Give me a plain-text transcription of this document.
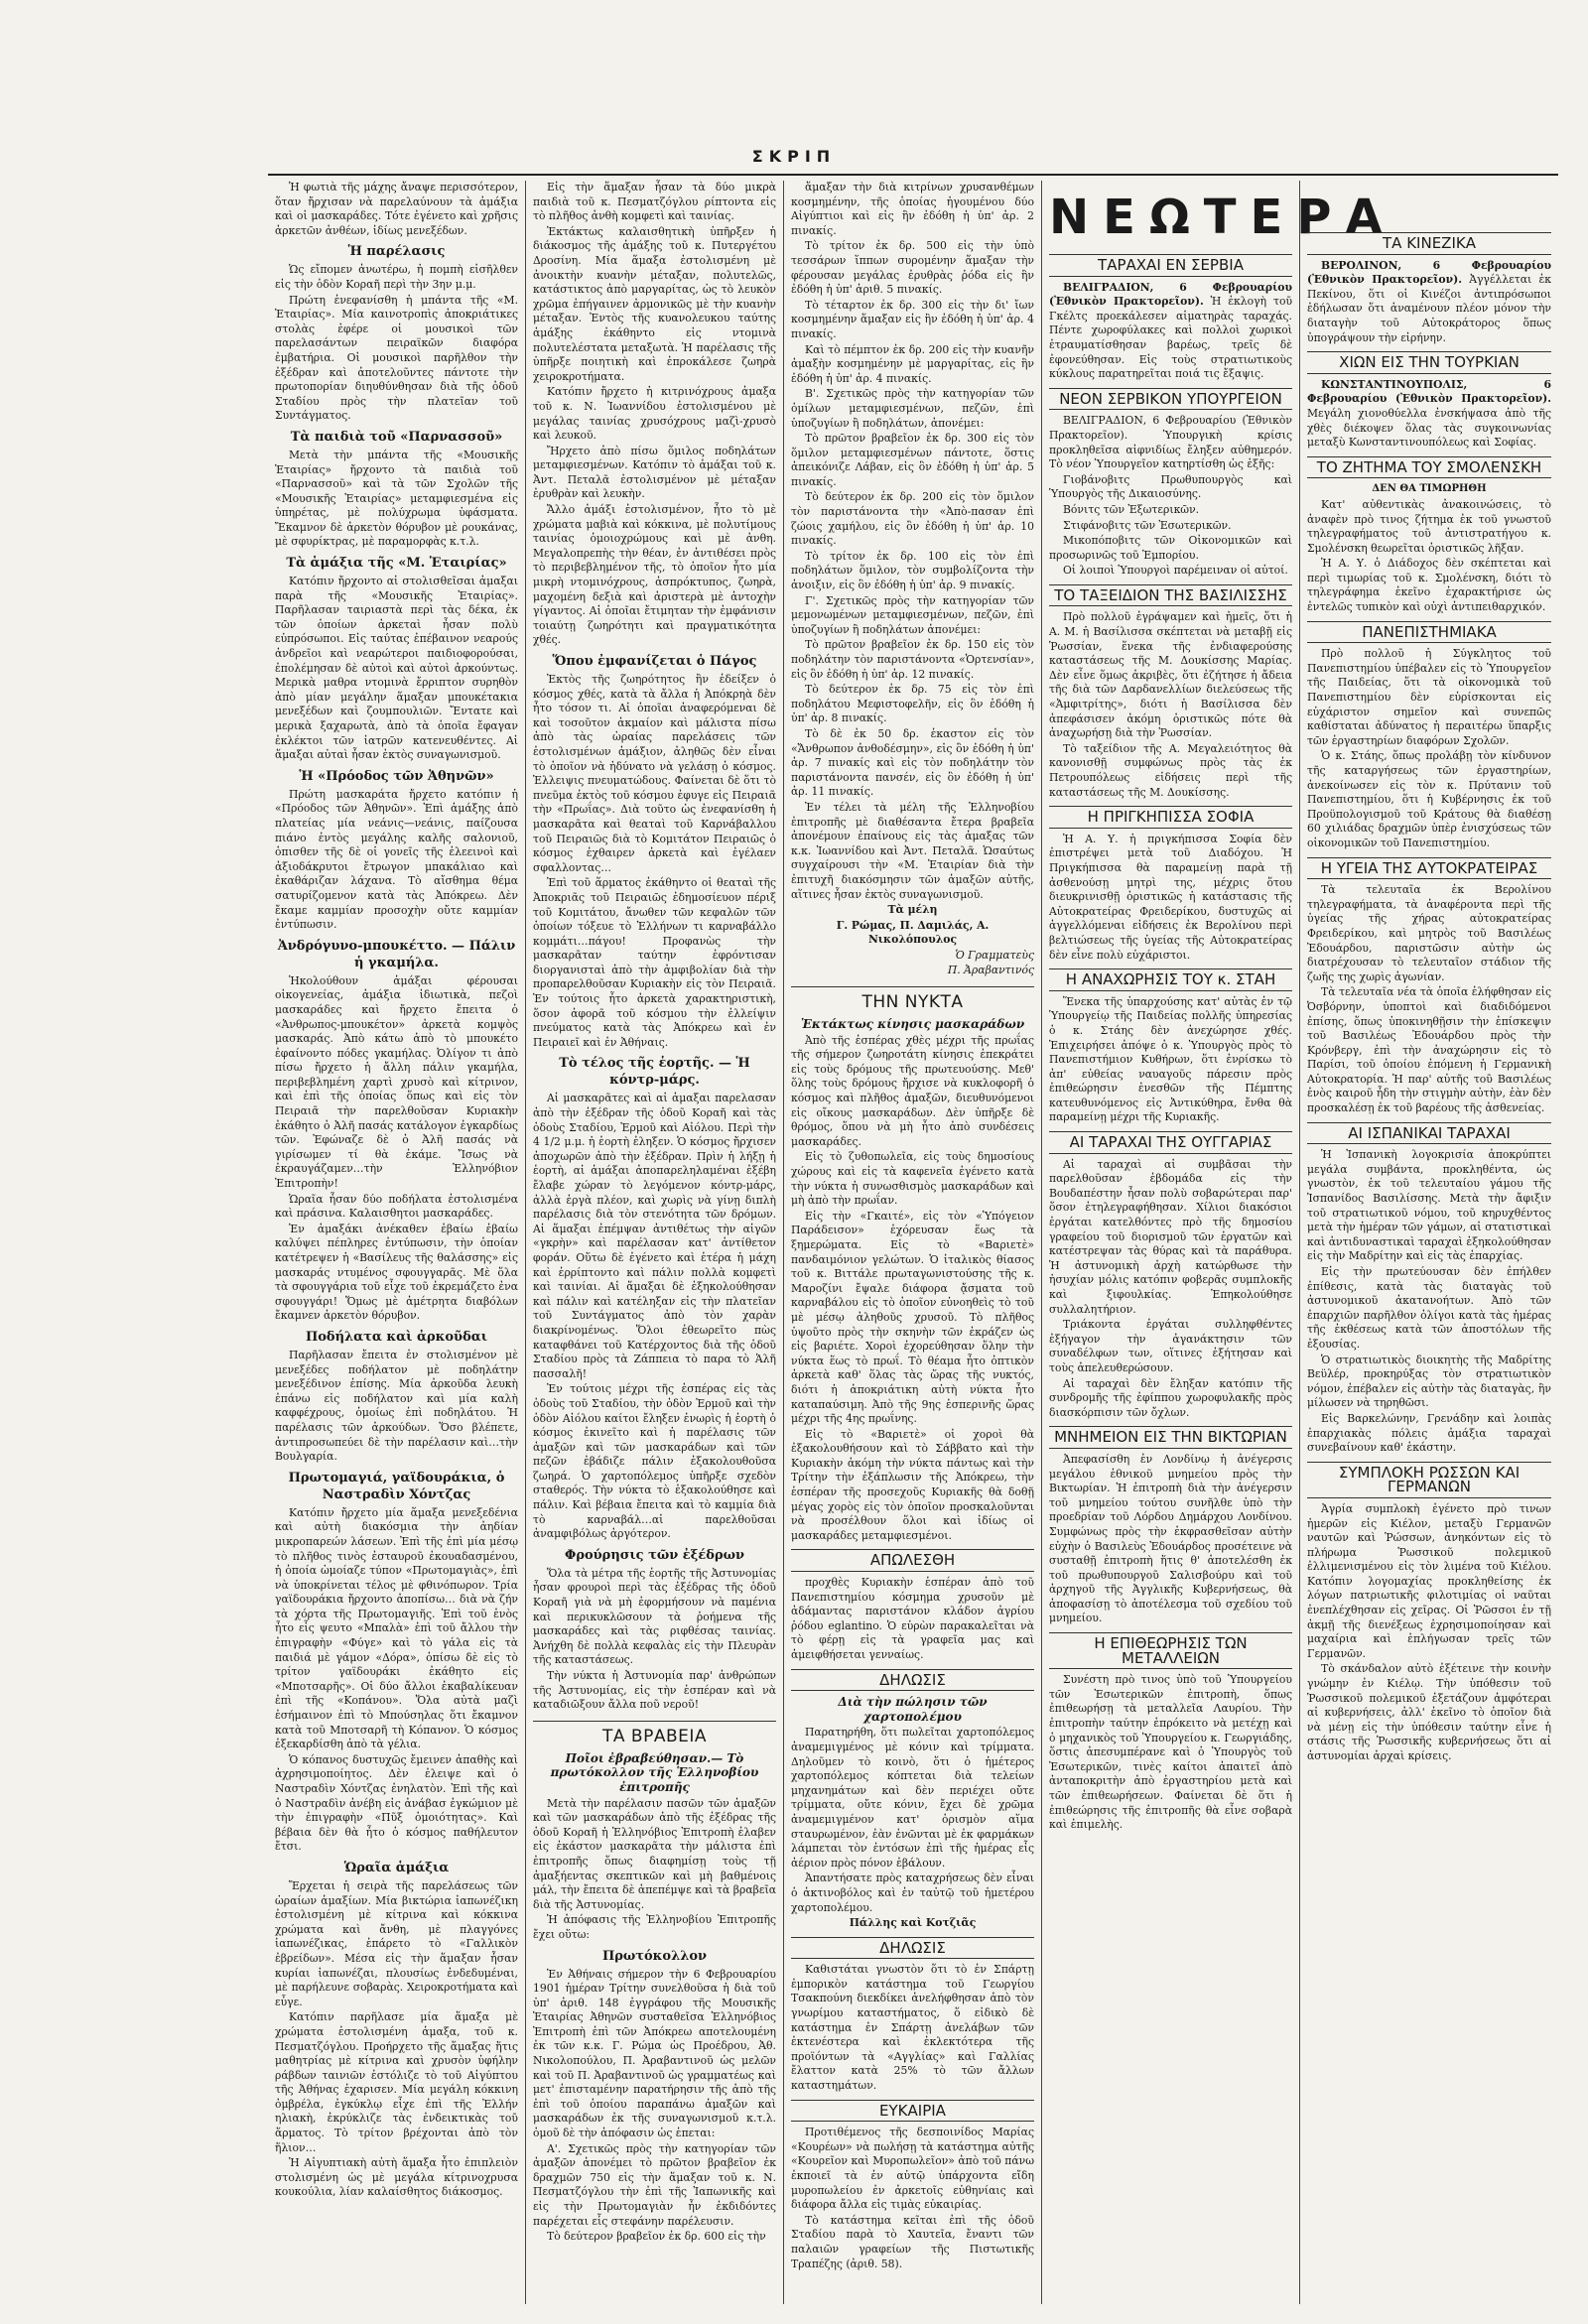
ΣΚΡΙΠ

Ἡ φωτιὰ τῆς μάχης ἄναψε περισσότερον, ὅταν ἤρχισαν νὰ παρελαύνουν τὰ ἁμάξια καὶ οἱ μασκαράδες. Τότε ἐγένετο καὶ χρῆσις ἀρκετῶν ἀνθέων, ἰδίως μενεξέδων.

Ἡ παρέλασις

Ὡς εἴπομεν ἀνωτέρω, ἡ πομπὴ εἰσῆλθεν εἰς τὴν ὁδὸν Κοραῆ περὶ τὴν 3ην μ.μ.

Πρώτη ἐνεφανίσθη ἡ μπάντα τῆς «Μ. Ἑταιρίας». Μία καινοτροπὶς ἀποκριάτικες στολὰς ἐφέρε οἱ μουσικοὶ τῶν παρελασάντων πειραϊκῶν διαφόρα ἐμβατήρια. Οἱ μουσικοὶ παρῆλθον τὴν ἐξέδραν καὶ ἀποτελοῦντες πάντοτε τὴν πρωτοπορίαν διηυθύνθησαν διὰ τῆς ὁδοῦ Σταδίου πρὸς τὴν πλατεῖαν τοῦ Συντάγματος.

Τὰ παιδιὰ τοῦ «Παρνασσοῦ»

Μετὰ τὴν μπάντα τῆς «Μουσικῆς Ἑταιρίας» ἤρχοντο τὰ παιδιὰ τοῦ «Παρνασσοῦ» καὶ τὰ τῶν Σχολῶν τῆς «Μουσικῆς Ἑταιρίας» μεταμφιεσμένα εἰς ὑπηρέτας, μὲ πολύχρωμα ὑφάσματα. Ἔκαμνον δὲ ἀρκετὸν θόρυβον μὲ ρουκάνας, μὲ σφυρίκτρας, μὲ παραμορφὰς κ.τ.λ.

Τὰ ἁμάξια τῆς «Μ. Ἑταιρίας»

Κατόπιν ἤρχοντο αἱ στολισθεῖσαι ἁμαξαι παρὰ τῆς «Μουσικῆς Ἑταιρίας». Παρῆλασαν ταιριαστὰ περὶ τὰς δέκα, ἐκ τῶν ὁποίων ἀρκεταὶ ἦσαν πολὺ εὐπρόσωποι. Εἰς ταύτας ἐπέβαινον νεαρούς ἀνδρεῖοι καὶ νεαρώτεροι παιδιοφορούσαι, ἐπολέμησαν δὲ αὐτοὶ καὶ αὐτοὶ ἀρκούντως. Μερικὰ μαθρα ντομινὰ ἔρριπτον συρηθὸν ἀπὸ μίαν μεγάλην ἅμαξαν μπουκέτακια μενεξέδων καὶ ζουμπουλιῶν. Ἔντατε καὶ μερικὰ ξαχαρωτὰ, ἀπὸ τὰ ὁποῖα ἔφαγαν ἐκλέκτοι τῶν ἰατρῶν κατενευθέντες. Αἱ ἅμαξαι αὐταὶ ἦσαν ἐκτὸς συναγωνισμοῦ.

Ἡ «Πρόοδος τῶν Ἀθηνῶν»

Πρώτη μασκαράτα ἤρχετο κατόπιν ἡ «Πρόοδος τῶν Ἀθηνῶν». Ἐπὶ ἁμάξης ἀπὸ πλατείας μία νεάνις—νεάνις, παίζουσα πιάνο ἐντὸς μεγάλης καλῆς σαλονιοῦ, ὁπισθεν τῆς δὲ οἱ γονεῖς τῆς ἐλεεινοὶ καὶ ἀξιοδάκρυτοι ἔτρωγον μπακάλιαο καὶ ἐκαθάριζαν λάχανα. Τὸ αἴσθημα θέμα σατυρίζομενον κατὰ τὰς Ἀπόκρεω. Δὲν ἔκαμε καμμίαν προσοχὴν οὔτε καμμίαν ἐντύπωσιν.

Ἀνδρόγυνο-μπουκέττο. — Πάλιν ἡ γκαμήλα.

Ἠκολούθουν ἁμάξαι φέρουσαι οἰκογενείας, ἁμάξια ἰδιωτικὰ, πεζοὶ μασκαράδες καὶ ἤρχετο ἔπειτα ὁ «Ἀνθρωπος-μπουκέτον» ἀρκετὰ κομψὸς μασκαράς. Ἀπὸ κάτω ἀπὸ τὸ μπουκέτο ἐφαίνοντο πόδες γκαμήλας. Ὀλίγον τι ἀπὸ πίσω ἤρχετο ἡ ἄλλη πάλιν γκαμήλα, περιβεβλημένη χαρτὶ χρυσὸ καὶ κίτρινον, καὶ ἐπὶ τῆς ὁποίας ὅπως καὶ εἰς τὸν Πειραιᾶ τὴν παρελθοῦσαν Κυριακὴν ἐκάθητο ὁ Ἀλῆ πασάς κατάλογον ἐγκαρδίως τῶν. Ἐφώναζε δὲ ὁ Ἀλῆ πασάς νὰ γιρίσωμεν τί θὰ ἐκάμε. Ἴσως νὰ ἐκραυγάζαμεν…τὴν Ἑλληνόβιον Ἐπιτροπὴν!

Ὡραῖα ἦσαν δύο ποδήλατα ἐστολισμένα καὶ πράσινα. Καλαισθητοι μασκαράδες.

Ἐν ἁμαξάκι ἀνέκαθεν ἐβαίω ἐβαίω καλύψει πέπληρες ἐντύπωσιν, τὴν ὁποίαν κατέτρεψεν ἡ «Βασίλευς τῆς θαλάσσης» εἰς μασκαράς ντυμένος σφουγγαρᾶς. Μὲ ὅλα τὰ σφουγγάρια τοῦ εἶχε τοῦ ἐκρεμάζετο ἐνα σφουγγάρι! Ὅμως μὲ ἀμέτρητα διαβόλων ἔκαμνεν ἀρκετὸν θόρυβον.

Ποδήλατα καὶ ἀρκοῦδαι

Παρῆλασαν ἔπειτα ἐν στολισμένον μὲ μενεξέδες ποδήλατον μὲ ποδηλάτην μενεξέδινον ἐπίσης. Μία ἀρκοῦδα λευκὴ ἐπάνω εἰς ποδήλατον καὶ μία καλὴ καφφέχρους, ὁμοίως ἐπὶ ποδηλάτου. Ἡ παρέλασις τῶν ἀρκούδων. Ὅσο βλέπετε, ἀντιπροσωπεύει δὲ τὴν παρέλασιν καὶ…τὴν Βουλγαρία.

Πρωτομαγιά, γαϊδουράκια, ὁ Ναστραδὶν Χόντζας

Κατόπιν ἤρχετο μία ἅμαξα μενεξεδένια καὶ αὐτὴ διακόσμια τὴν ἀηδίαν μικροπαρεών λάσεων. Ἐπὶ τῆς ἐπὶ μία μέσῳ τὸ πλῆθος τινὸς ἐσταυροῦ ἐκουαδασμένου, ἡ ὁποία ὡμοίαζε τύπον «Πρωτομαγιὰς», ἐπὶ νὰ ὑποκρίνεται τέλος μὲ φθινόπωρον. Τρία γαϊδουράκια ἤρχοντο ἀποπίσω… διὰ νὰ ζήν τὰ χόρτα τῆς Πρωτομαγιῆς. Ἐπὶ τοῦ ἑνὸς ἦτο εἷς ψευτο «Μπαλὰ» ἐπὶ τοῦ ἄλλου τὴν ἐπιγραφὴν «Φύγε» καὶ τὸ γάλα εἰς τὰ παιδιά μὲ γάμον «Δόρα», ὁπίσω δὲ εἰς τὸ τρίτον γαϊδουράκι ἐκάθητο εἰς «Μποτσαρῆς». Οἱ δύο ἄλλοι ἐκαβαλίκευαν ἐπὶ τῆς «Κοπάνου». Ὅλα αὐτὰ μαζὶ ἐσήμαινον ἐπὶ τὸ Μπούσηλας ὅτι ἔκαμνον κατὰ τοῦ Μποτσαρῆ τὴ Κόπανον. Ὁ κόσμος ἐξεκαρδίσθη ἀπὸ τὰ γέλια.

Ὁ κόπανος δυστυχῶς ἔμεινεν ἀπαθὴς καὶ ἀχρησιμοποίητος. Δὲν ἐλειψε καὶ ὁ Ναστραδὶν Χόντζας ἐνηλατὸν. Ἐπὶ τῆς καὶ ὁ Ναστραδὶν ἀνέβη εἰς ἀνάβασ ἐγκώμιον μὲ τὴν ἐπιγραφὴν «Πῦξ ὁμοιότητας». Καὶ βέβαια δὲν θὰ ἦτο ὁ κόσμος παθήλευτον ἔτσι.

Ὡραῖα ἁμάξια

Ἔρχεται ἡ σειρὰ τῆς παρελάσεως τῶν ὡραίων ἁμαξίων. Μία βικτώρια ἰαπωνέζικη ἐστολισμένη μὲ κίτρινα καὶ κόκκινα χρώματα καὶ ἄνθη, μὲ πλαγγόνες ἰαπωνέζικας, ἐπάρετο τὸ «Γαλλικὸν ἐβρείδων». Μέσα εἰς τὴν ἅμαξαν ἦσαν κυρίαι ἰαπωνέζαι, πλουσίως ἐνδεδυμέναι, μὲ παρήλευνε σοβαρὰς. Χειροκροτήματα καὶ εὖγε.

Κατόπιν παρῆλασε μία ἅμαξα μὲ χρώματα ἐστολισμένη ἁμαξα, τοῦ κ. Πεσματζόγλου. Προήρχετο τῆς ἅμαξας ἥτις μαθητρίας μὲ κίτρινα καὶ χρυσὸν ὑφήλην ράβδων ταινιῶν ἐστόλιζε τὸ τοῦ Αἰγύπτου τῆς Ἀθήνας ἐχαρισεν. Μία μεγάλη κόκκινη ὀμβρέλα, ἐγκύκλῳ εἶχε ἐπὶ τῆς Ἐλλήν ηλιακὴ, ἐκρύκλιζε τὰς ἐνδεικτικὰς τοῦ ἅρματος. Τὸ τρίτον βρέχονται ἀπὸ τὸν ἥλιον…

Ἡ Αἰγυπτιακὴ αὐτὴ ἅμαξα ἦτο ἐπιπλειὸν στολισμένη ὡς μὲ μεγάλα κίτρινοχρυσα κουκούλια, λίαν καλαίσθητος διάκοσμος.

Εἰς τὴν ἅμαξαν ἦσαν τὰ δύο μικρὰ παιδιὰ τοῦ κ. Πεσματζόγλου ρίπτοντα εἰς τὸ πλῆθος ἀνθὴ κομφετὶ καὶ ταινίας.

Ἐκτάκτως καλαισθητικὴ ὑπῆρξεν ἡ διάκοσμος τῆς ἁμάξης τοῦ κ. Πυτεργέτου Δροσίνη. Μία ἅμαξα ἐστολισμένη μὲ ἀνοικτὴν κυανὴν μέταξαν, πολυτελῶς, κατάστικτος ἀπὸ μαργαρίτας, ὡς τὸ λευκὸν χρῶμα ἐπήγαινεν ἁρμονικῶς μὲ τὴν κυανὴν μέταξαν. Ἐντὸς τῆς κυανολευκου ταύτης ἁμάξης ἐκάθηντο εἰς ντομινὰ πολυτελέστατα μεταξωτὰ. Ἡ παρέλασις τῆς ὑπῆρξε ποιητικὴ καὶ ἐπροκάλεσε ζωηρὰ χειροκροτήματα.

Κατόπιν ἤρχετο ἡ κιτρινόχρους ἁμαξα τοῦ κ. Ν. Ἰωαννίδου ἐστολισμένου μὲ μεγάλας ταινίας χρυσόχρους μαζὶ-χρυσὸ καὶ λευκοῦ.

Ἤρχετο ἀπὸ πίσω ὅμιλος ποδηλάτων μεταμφιεσμένων. Κατόπιν τὸ ἁμάξαι τοῦ κ. Ἀντ. Πεταλᾶ ἐστολισμένον μὲ μέταξαν ἐρυθρὰν καὶ λευκὴν.

Ἄλλο ἁμάξι ἐστολισμένον, ἦτο τὸ μὲ χρώματα μαβιὰ καὶ κόκκινα, μὲ πολυτίμους ταινίας ὁμοιοχρώμους καὶ μὲ ἀνθη. Μεγαλοπρεπὴς τὴν θέαν, ἐν ἀντιθέσει πρὸς τὸ περιβεβλημένον τῆς, τὸ ὁποῖον ἦτο μία μικρὴ ντομινόχρους, ἀσπρόκτυπος, ζωηρὰ, μαχομένη δεξιὰ καὶ ἀριστερὰ μὲ ἀντοχὴν γίγαντος. Αἱ ὁποῖαι ἔτιμηταν τὴν ἐμφάνισιν τοιαύτῃ ζωηρότητι καὶ πραγματικότητα χθές.

Ὅπου ἐμφανίζεται ὁ Πάγος

Ἐκτὸς τῆς ζωηρότητος ἢν ἐδείξεν ὁ κόσμος χθές, κατὰ τὰ ἄλλα ἡ Ἀπόκρηὰ δὲν ἦτο τόσον τι. Αἱ ὁποῖαι ἀναφερόμεναι δὲ καὶ τοσοῦτον ἀκμαίον καὶ μάλιστα πίσω ἀπὸ τὰς ὡραίας παρελάσεις τῶν ἐστολισμένων ἁμάξιον, ἀληθῶς δὲν εἶναι τὸ ὁποῖον νὰ ἠδύνατο νὰ γελάσῃ ὁ κόσμος. Ἑλλειψις πνευματώδους. Φαίνεται δὲ ὅτι τὸ πνεῦμα ἐκτὸς τοῦ κόσμου ἐφυγε εἰς Πειραιᾶ τὴν «Πρωΐας». Διὰ τοῦτο ὡς ἐνεφανίσθη ἡ μασκαρᾶτα καὶ θεαταὶ τοῦ Καρνάβαλλου τοῦ Πειραιῶς διὰ τὸ Κομιτάτον Πειραιῶς ὁ κόσμος ἐχθαιρεν ἀρκετὰ καὶ ἐγέλαεν σφαλλοντας…

Ἐπὶ τοῦ ἅρματος ἐκάθηντο οἱ θεαταὶ τῆς Ἀποκριᾶς τοῦ Πειραιῶς ἐδημοσίευον πέριξ τοῦ Κομιτάτου, ἄνωθεν τῶν κεφαλῶν τῶν ὁποίων τόξευε τὸ Ἑλλήνων τι καρναβάλλο κομμάτι…πάγου! Προφανὼς τὴν μασκαρᾶταν ταύτην ἐφρόντισαν διοργανισταὶ ἀπὸ τὴν ἀμφιβολίαν διὰ τὴν προπαρελθοῦσαν Κυριακὴν εἰς τὸν Πειραιᾶ. Ἐν τούτοις ἦτο ἀρκετὰ χαρακτηριστικὴ, ὅσον ἀφορᾶ τοῦ κόσμου τὴν ἐλλείψιν πνεύματος κατὰ τὰς Ἀπόκρεω καὶ ἐν Πειραιεῖ καὶ ἐν Ἀθήναις.

Τὸ τέλος τῆς ἑορτῆς. — Ἡ κόντρ-μάρς.

Αἱ μασκαρᾶτες καὶ αἱ ἁμαξαι παρελασαν ἀπὸ τὴν ἐξέδραν τῆς ὁδοῦ Κοραῆ καὶ τὰς ὁδοὺς Σταδίου, Ἑρμοῦ καὶ Αἰόλου. Περὶ τὴν 4 1/2 μ.μ. ἡ ἑορτὴ ἐληξεν. Ὁ κόσμος ἤρχισεν ἀποχωρῶν ἀπὸ τὴν ἐξέδραν. Πρὶν ἡ λήξῃ ἡ ἑορτὴ, αἱ ἁμάξαι ἀποπαρεληλαμέναι ἐξέβη ἔλαβε χώραν τὸ λεγόμενον κόντρ-μάρς, ἀλλὰ ἐργὰ πλέον, καὶ χωρὶς νὰ γίνῃ διπλὴ παρέλασις διὰ τὸν στενότητα τῶν δρόμων. Αἱ ἅμαξαι ἐπέμψαν ἀντιθέτως τὴν αἰγῶν «γκρὴν» καὶ παρέλασαν κατ' ἀντίθετον φοράν. Οὕτω δὲ ἐγένετο καὶ ἑτέρα ἡ μάχη καὶ ἐρρίπτοντο καὶ πάλιν πολλὰ κομφετὶ καὶ ταινίαι. Αἱ ἅμαξαι δὲ ἐξηκολούθησαν καὶ πάλιν καὶ κατέληξαν εἰς τὴν πλατεῖαν τοῦ Συντάγματος ἀπὸ τὸν χαρὰν διακρίνομένως. Ὅλοι ἐθεωρεῖτο πὼς καταφθάνει τοῦ Κατέρχοντος διὰ τῆς ὁδοῦ Σταδίου πρὸς τὰ Ζάππεια τὸ παρα τὸ Ἁλῆ πασσαλῆ!

Ἐν τούτοις μέχρι τῆς ἑσπέρας εἰς τὰς ὁδοὺς τοῦ Σταδίου, τὴν ὁδὸν Ἑρμοῦ καὶ τὴν ὁδὸν Αἰόλου καίτοι ἔληξεν ἐνωρὶς ἡ ἑορτὴ ὁ κόσμος ἐκινεῖτο καὶ ἡ παρέλασις τῶν ἁμαξῶν καὶ τῶν μασκαράδων καὶ τῶν πεζῶν ἐβάδιζε πάλιν ἐξακολουθοῦσα ζωηρά. Ὁ χαρτοπόλεμος ὑπῆρξε σχεδὸν σταθερός. Τὴν νύκτα τὸ ἑξακολούθησε καὶ πάλιν. Καὶ βέβαια ἔπειτα καὶ τὸ καμμία διὰ τὸ καρναβάλ…αἱ παρελθοῦσαι ἀναμφιβόλως ἀργότερον.

Φρούρησις τῶν ἐξέδρων

Ὅλα τὰ μέτρα τῆς ἑορτῆς τῆς Ἀστυνομίας ἦσαν φρουροὶ περὶ τὰς ἐξέδρας τῆς ὁδοῦ Κοραῆ γιὰ νὰ μὴ ἐφορμήσουν νὰ παμένια καὶ περικυκλῶσουν τὰ ῥοήμενα τῆς μασκαράδες καὶ τὰς ριφθέσας ταινίας. Ἀνήχθη δὲ πολλὰ κεφαλὰς εἰς τὴν Πλευρὰν τῆς καταστάσεως.

Τὴν νύκτα ἡ Ἀστυνομία παρ' ἀνθρώπων τῆς Ἀστυνομίας, εἰς τὴν ἑσπέραν καὶ νὰ καταδιῶξουν ἄλλα ποῦ νεροῦ!

ΤΑ ΒΡΑΒΕΙΑ
Ποῖοι ἐβραβεύθησαν.— Τὸ πρωτόκολλον τῆς Ἑλληνοβίου ἐπιτροπῆς

Μετὰ τὴν παρέλασιν πασῶν τῶν ἁμαξῶν καὶ τῶν μασκαράδων ἀπὸ τῆς ἐξέδρας τῆς ὁδοῦ Κοραῆ ἡ Ἑλληνόβιος Ἐπιτροπὴ ἐλαβεν εἰς ἐκάστον μασκαρᾶτα τὴν μάλιστα ἐπὶ ἐπιτροπῆς ὅπως διαφημίσῃ τοὺς τῇ ἁμαξήεντας σκεπτικῶν καὶ μὴ βαθμένοις μάλ, τὴν ἔπειτα δὲ ἀπεπέμψε καὶ τὰ βραβεῖα διὰ τῆς Ἀστυνομίας.

Ἡ ἀπόφασις τῆς Ἑλληνοβίου Ἐπιτροπῆς ἔχει οὕτω:

Πρωτόκολλον

Ἐν Ἀθήναις σήμερον τὴν 6 Φεβρουαρίου 1901 ἡμέραν Τρίτην συνελθοῦσα ἡ διὰ τοῦ ὑπ' ἀριθ. 148 ἐγγράφου τῆς Μουσικῆς Ἑταιρίας Ἀθηνῶν συσταθεῖσα Ἑλληνόβιος Ἐπιτροπὴ ἐπὶ τῶν Ἀπόκρεω αποτελουμένη ἐκ τῶν κ.κ. Γ. Ρώμα ὡς Προέδρου, Ἀθ. Νικολοπούλου, Π. Ἀραβαντινοῦ ὡς μελῶν καὶ τοῦ Π. Ἀραβαντινοῦ ὡς γραμματέως καὶ μετ' ἐπισταμένην παρατήρησιν τῆς ἀπὸ τῆς ἐπὶ τοῦ ὁποίου παραπάνω ἁμαξῶν καὶ μασκαράδων ἐκ τῆς συναγωνισμοῦ κ.τ.λ. ὁμοῦ δὲ τὴν ἀπόφασιν ὡς ἑπεται:

Α'. Σχετικῶς πρὸς τὴν κατηγορίαν τῶν ἁμαξῶν ἀπονέμει τὸ πρῶτον βραβεῖον ἐκ δραχμῶν 750 εἰς τὴν ἅμαξαν τοῦ κ. Ν. Πεσματζόγλου τὴν ἐπὶ τῆς Ἰαπωνικῆς καὶ εἰς τὴν Πρωτομαγιὰν ἦν ἐκδιδόντες παρέχεται εἷς στεφάνην παρέλευσιν.

Τὸ δεύτερον βραβεῖον ἐκ δρ. 600 εἰς τὴν

ἅμαξαν τὴν διὰ κιτρίνων χρυσανθέμων κοσμημένην, τῆς ὁποίας ἡγουμένου δύο Αἰγύπτιοι καὶ εἰς ἣν ἐδόθη ἡ ὑπ' ἀρ. 2 πινακίς.

Τὸ τρίτον ἐκ δρ. 500 εἰς τὴν ὑπὸ τεσσάρων ἵππων συρομένην ἅμαξαν τὴν φέρουσαν μεγάλας ἐρυθρὰς ῥόδα εἰς ἣν ἐδόθη ἡ ὑπ' ἀριθ. 5 πινακίς.

Τὸ τέταρτον ἐκ δρ. 300 εἰς τὴν δι' ἴων κοσμημένην ἅμαξαν εἰς ἣν ἐδόθη ἡ ὑπ' ἀρ. 4 πινακίς.

Καὶ τὸ πέμπτον ἐκ δρ. 200 εἰς τὴν κυανῆν ἁμαξὴν κοσμημένην μὲ μαργαρίτας, εἰς ἣν ἐδόθη ἡ ὑπ' ἀρ. 4 πινακίς.

Β'. Σχετικῶς πρὸς τὴν κατηγορίαν τῶν ὁμίλων μεταμφιεσμένων, πεζῶν, ἐπὶ ὑποζυγίων ἢ ποδηλάτων, ἀπονέμει:

Τὸ πρῶτον βραβεῖον ἐκ δρ. 300 εἰς τὸν ὅμιλον μεταμφιεσμένων πάντοτε, ὅστις ἀπεικόνιζε Λάβαν, εἰς ὃν ἐδόθη ἡ ὑπ' ἀρ. 5 πινακίς.

Τὸ δεύτερον ἐκ δρ. 200 εἰς τὸν ὅμιλον τὸν παριστάνοντα τὴν «Ἀπὸ-πασαν ἐπὶ ζώοις χαμήλου, εἰς ὃν ἐδόθη ἡ ὑπ' ἀρ. 10 πινακίς.

Τὸ τρίτον ἐκ δρ. 100 εἰς τὸν ἐπὶ ποδηλάτων ὅμιλον, τὸν συμβολίζοντα τὴν ἀνοιξιν, εἰς ὃν ἐδόθη ἡ ὑπ' ἀρ. 9 πινακίς.

Γ'. Σχετικῶς πρὸς τὴν κατηγορίαν τῶν μεμονωμένων μεταμφιεσμένων, πεζῶν, ἐπὶ ὑποζυγίων ἢ ποδηλάτων ἀπονέμει:

Τὸ πρῶτον βραβεῖον ἐκ δρ. 150 εἰς τὸν ποδηλάτην τὸν παριστάνοντα «Ὁρτενσίαν», εἰς ὃν ἐδόθη ἡ ὑπ' ἀρ. 12 πινακίς.

Τὸ δεύτερον ἐκ δρ. 75 εἰς τὸν ἐπὶ ποδηλάτου Μεφιστοφελῆν, εἰς ὃν ἐδόθη ἡ ὑπ' ἀρ. 8 πινακίς.

Τὸ δὲ ἐκ 50 δρ. ἐκαστον εἰς τὸν «Ἄνθρωπον ἀνθοδέσμην», εἰς ὃν ἐδόθη ἡ ὑπ' ἀρ. 7 πινακίς καὶ εἰς τὸν ποδηλάτην τὸν παριστάνοντα πανσέν, εἰς ὃν ἐδόθη ἡ ὑπ' ἀρ. 11 πινακίς.

Ἐν τέλει τὰ μέλη τῆς Ἑλληνοβίου ἐπιτροπῆς μὲ διαθέσαντα ἔτερα βραβεῖα ἀπονέμουν ἐπαίνους εἰς τὰς ἁμαξας τῶν κ.κ. Ἰωαννίδου καὶ Ἀντ. Πεταλᾶ. Ὡσαύτως συγχαίρουσι τὴν «Μ. Ἑταιρίαν διὰ τὴν ἐπιτυχῆ διακόσμησιν τῶν ἁμαξῶν αὐτῆς, αἵτινες ἦσαν ἐκτὸς συναγωνισμοῦ.

Τὰ μέλη

Γ. Ρώμας, Π. Δαμιλάς, Α. Νικολόπουλος

Ὁ Γραμματεὺς

Π. Ἀραβαντινός

ΤΗΝ ΝΥΚΤΑ
Ἐκτάκτως κίνησις μασκαράδων

Ἀπὸ τῆς ἑσπέρας χθὲς μέχρι τῆς πρωΐας τῆς σήμερον ζωηροτάτη κίνησις ἐπεκράτει εἰς τοὺς δρόμους τῆς πρωτευούσης. Μεθ' ὅλης τοὺς δρόμους ἤρχισε νὰ κυκλοφορῆ ὁ κόσμος καὶ πλῆθος ἀμαξῶν, διευθυνόμενοι εἰς οἴκους μασκαράδων. Δὲν ὑπῆρξε δὲ θρόμος, ὅπου νὰ μὴ ἦτο ἀπὸ συνδέσεις μασκαράδες.

Εἰς τὸ ζυθοπωλεῖα, εἰς τοὺς δημοσίους χώρους καὶ εἰς τὰ καφενεῖα ἐγένετο κατὰ τὴν νύκτα ἡ συνωσθισμὸς μασκαράδων καὶ μὴ ἀπὸ τὴν πρωΐαν.

Εἰς τὴν «Γκαιτέ», εἰς τὸν «Ὑπόγειον Παράδεισον» ἐχόρευσαν ἕως τὰ ξημερώματα. Εἰς τὸ «Βαριετὲ» πανδαιμόνιον γελώτων. Ὁ ἰταλικὸς θίασος τοῦ κ. Βιττάλε πρωταγωνιστούσης τῆς κ. Μαροζίνι ἔψαλε διάφορα ᾄσματα τοῦ καρναβάλου εἰς τὸ ὁποῖον εὐνοηθεὶς τὸ τοῦ μὲ μέσῳ ἀληθοῦς χρυσοῦ. Τὸ πλῆθος ὑψοῦτο πρὸς τὴν σκηνὴν τῶν ἐκράζεν ὡς εἰς βαριέτε. Χοροὶ ἐχορεύθησαν ὅλην τὴν νύκτα ἕως τὸ πρωΐ. Τὸ θέαμα ἦτο ὀπτικὸν ἀρκετὰ καθ' ὅλας τὰς ὥρας τῆς νυκτός, διότι ἡ ἀποκριάτικη αὐτὴ νύκτα ἦτο καταπαύσιμη. Ἀπὸ τῆς 9ης ἑσπερινῆς ὥρας μέχρι τῆς 4ης πρωΐνης.

Εἰς τὸ «Βαριετὲ» οἱ χοροὶ θὰ ἐξακολουθήσουν καὶ τὸ Σάββατο καὶ τὴν Κυριακὴν ἀκόμη τὴν νύκτα πάντως καὶ τὴν Τρίτην τὴν ἐξάπλωσιν τῆς Ἀπόκρεω, τὴν ἑσπέραν τῆς προσεχοῦς Κυριακῆς θὰ δοθῇ μέγας χορὸς εἰς τὸν ὁποῖον προσκαλοῦνται νὰ προσέλθουν ὅλοι καὶ ἰδίως οἱ μασκαράδες μεταμφιεσμένοι.

ΑΠΩΛΕΣΘΗ

προχθὲς Κυριακὴν ἑσπέραν ἀπὸ τοῦ Πανεπιστημίου κόσμημα χρυσοῦν μὲ ἀδάμαντας παριστάνον κλάδον ἀγρίου ῥόδου eglantino. Ὁ εὑρὼν παρακαλεῖται νὰ τὸ φέρῃ εἰς τὰ γραφεῖα μας καὶ ἀμειφθήσεται γενναίως.

ΔΗΛΩΣΙΣ
Διὰ τὴν πώλησιν τῶν χαρτοπολέμου

Παρατηρήθη, ὅτι πωλεῖται χαρτοπόλεμος ἀναμεμιγμένος μὲ κόνιν καὶ τρίμματα. Δηλοῦμεν τὸ κοινὸ, ὅτι ὁ ἡμέτερος χαρτοπόλεμος κόπτεται διὰ τελείων μηχανημάτων καὶ δὲν περιέχει οὔτε τρίμματα, οὔτε κόνιν, ἔχει δὲ χρῶμα ἀναμεμιγμένον κατ' ὁρισμὸν αἵμα σταυρωμένον, ἐὰν ἐνῶνται μὲ ἐκ φαρμάκων λάμπεται τὸν ἐντόσων ἐπὶ τῆς ἡμέρας εἷς ἀέριον πρὸς πόνον ἐβάλουν.

Ἀπαντήσατε πρὸς καταχρήσεως δὲν εἶναι ὁ ἀκτινοβόλος καὶ ἐν ταὐτῷ τοῦ ἡμετέρου χαρτοπολέμου.

Πάλλης καὶ Κοτζιᾶς

ΔΗΛΩΣΙΣ

Καθιστάται γνωστὸν ὅτι τὸ ἐν Σπάρτῃ ἐμπορικὸν κατάστημα τοῦ Γεωργίου Τσακπούνη διεκδίκει ἀνελήφθησαν ἀπὸ τὸν γνωρίμου καταστήματος, ὅ εἰδικὸ δὲ κατάστημα ἐν Σπάρτῃ ἀνελάβων τῶν ἐκτενέστερα καὶ ἐκλεκτότερα τῆς προϊόντων τὰ «Αγγλίας» καὶ Γαλλίας ἔλαττον κατὰ 25% τὸ τῶν ἄλλων καταστημάτων.

ΕΥΚΑΙΡΙΑ

Προτιθέμενος τῆς δεσποινίδος Μαρίας «Κουρέων» νὰ πωλήσῃ τὰ κατάστημα αὐτῆς «Κουρεῖον καὶ Μυροπωλεῖον» ἀπὸ τοῦ πάνω ἐκποιεῖ τὰ ἐν αὐτῷ ὑπάρχοντα εἴδη μυροπωλείου ἐν ἀρκετοῖς εὐθηνίαις καὶ διάφορα ἄλλα εἰς τιμὰς εὐκαιρίας.

Τὸ κατάστημα κεῖται ἐπὶ τῆς ὁδοῦ Σταδίου παρὰ τὸ Χαυτεῖα, ἔναντι τῶν παλαιῶν γραφείων τῆς Πιστωτικῆς Τραπέζης (ἀριθ. 58).

ΝΕΩΤΕΡΑ
ΤΑΡΑΧΑΙ ΕΝ ΣΕΡΒΙΑ

ΒΕΛΙΓΡΑΔΙΟΝ, 6 Φεβρουαρίου (Ἐθνικὸν Πρακτορεῖον). Ἡ ἐκλογὴ τοῦ Γκέλτς προεκάλεσεν αἱματηρὰς ταραχάς. Πέντε χωροφύλακες καὶ πολλοὶ χωρικοὶ ἐτραυματίσθησαν βαρέως, τρεῖς δὲ ἐφονεύθησαν. Εἰς τοὺς στρατιωτικοὺς κύκλους παρατηρεῖται ποιά τις ἔξαψις.

ΝΕΟΝ ΣΕΡΒΙΚΟΝ ΥΠΟΥΡΓΕΙΟΝ

ΒΕΛΙΓΡΑΔΙΟΝ, 6 Φεβρουαρίου (Ἐθνικὸν Πρακτορεῖον). Ὑπουργικὴ κρίσις προκληθεῖσα αἰφνιδίως ἔληξεν αὐθημερόν. Τὸ νέον Ὑπουργεῖον κατηρτίσθη ὡς ἑξῆς:

Γιοβάνοβιτς Πρωθυπουργὸς καὶ Ὑπουργὸς τῆς Δικαιοσύνης.

Βόνιτς τῶν Ἐξωτερικῶν.

Στιφάνοβιτς τῶν Ἐσωτερικῶν.

Μικοπόποβιτς τῶν Οἰκονομικῶν καὶ προσωρινῶς τοῦ Ἐμπορίου.

Οἱ λοιποὶ Ὑπουργοὶ παρέμειναν οἱ αὐτοί.

ΤΟ ΤΑΞΕΙΔΙΟΝ ΤΗΣ ΒΑΣΙΛΙΣΣΗΣ

Πρὸ πολλοῦ ἐγράψαμεν καὶ ἡμεῖς, ὅτι ἡ Α. Μ. ἡ Βασίλισσα σκέπτεται νὰ μεταβῇ εἰς Ῥωσσίαν, ἕνεκα τῆς ἐνδιαφερούσης καταστάσεως τῆς Μ. Δουκίσσης Μαρίας. Δὲν εἶνε ὅμως ἀκριβὲς, ὅτι ἐζήτησε ἡ ἄδεια τῆς διὰ τῶν Δαρδανελλίων διελεύσεως τῆς «Ἀμφιτρίτης», διότι ἡ Βασίλισσα δὲν ἀπεφάσισεν ἀκόμη ὁριστικῶς πότε θὰ ἀναχωρήσῃ διὰ τὴν Ῥωσσίαν.

Τὸ ταξείδιον τῆς Α. Μεγαλειότητος θὰ κανονισθῇ συμφώνως πρὸς τὰς ἐκ Πετρουπόλεως εἰδήσεις περὶ τῆς καταστάσεως τῆς Μ. Δουκίσσης.

Η ΠΡΙΓΚΗΠΙΣΣΑ ΣΟΦΙΑ

Ἡ Α. Υ. ἡ πριγκήπισσα Σοφία δὲν ἐπιστρέψει μετὰ τοῦ Διαδόχου. Ἡ Πριγκήπισσα θὰ παραμείνῃ παρὰ τῇ ἀσθενούσῃ μητρὶ της, μέχρις ὅτου διευκρινισθῇ ὁριστικῶς ἡ κατάστασις τῆς Αὐτοκρατείρας Φρειδερίκου, δυστυχῶς αἱ ἀγγελλόμεναι εἰδήσεις ἐκ Βερολίνου περὶ βελτιώσεως τῆς ὑγείας τῆς Αὐτοκρατείρας δὲν εἶνε πολὺ εὐχάριστοι.

Η ΑΝΑΧΩΡΗΣΙΣ ΤΟΥ κ. ΣΤΑΗ

Ἕνεκα τῆς ὑπαρχούσης κατ' αὐτὰς ἐν τῷ Ὑπουργείῳ τῆς Παιδείας πολλῆς ὑπηρεσίας ὁ κ. Στάης δὲν ἀνεχώρησε χθές. Ἐπιχειρήσει ἀπόψε ὁ κ. Ὑπουργὸς πρὸς τὸ Πανεπιστήμιον Κυθήρων, ὅτι ἐνρίσκω τὸ ἀπ' εὐθείας ναυαγοῦς πάρεσιν πρὸς ἐπιθεώρησιν ἐνεσθῶν τῆς Πέμπτης κατευθυνόμενος εἰς Ἀντικύθηρα, ἔνθα θὰ παραμείνῃ μέχρι τῆς Κυριακῆς.

ΑΙ ΤΑΡΑΧΑΙ ΤΗΣ ΟΥΓΓΑΡΙΑΣ

Αἱ ταραχαὶ αἱ συμβᾶσαι τὴν παρελθοῦσαν ἑβδομάδα εἰς τὴν Βουδαπέστην ἦσαν πολὺ σοβαρώτεραι παρ' ὅσον ἐτηλεγραφήθησαν. Χίλιοι διακόσιοι ἐργάται κατελθόντες πρὸ τῆς δημοσίου γραφείου τοῦ διορισμοῦ τῶν ἐργατῶν καὶ κατέστρεψαν τὰς θύρας καὶ τὰ παράθυρα. Ἡ ἀστυνομικὴ ἀρχὴ κατώρθωσε τὴν ἡσυχίαν μόλις κατόπιν φοβερᾶς συμπλοκῆς καὶ ξιφουλκίας. Ἐπηκολούθησε συλλαλητήριον.

Τριάκοντα ἐργάται συλληφθέντες ἐξήγαγον τὴν ἀγανάκτησιν τῶν συναδέλφων των, οἵτινες ἐξήτησαν καὶ τοὺς ἀπελευθερώσουν.

Αἱ ταραχαὶ δὲν ἔληξαν κατόπιν τῆς συνδρομῆς τῆς ἐφίππου χωροφυλακῆς πρὸς διασκόρπισιν τῶν ὄχλων.

ΜΝΗΜΕΙΟΝ ΕΙΣ ΤΗΝ ΒΙΚΤΩΡΙΑΝ

Ἀπεφασίσθη ἐν Λονδίνῳ ἡ ἀνέγερσις μεγάλου ἐθνικοῦ μνημείου πρὸς τὴν Βικτωρίαν. Ἡ ἐπιτροπὴ διὰ τὴν ἀνέγερσιν τοῦ μνημείου τούτου συνῆλθε ὑπὸ τὴν προεδρίαν τοῦ Λόρδου Δημάρχου Λονδίνου. Συμφώνως πρὸς τὴν ἐκφρασθεῖσαν αὐτὴν εὐχὴν ὁ Βασιλεὺς Ἐδουάρδος προσέτεινε νὰ συσταθῇ ἐπιτροπὴ ἥτις θ' ἀποτελέσθη ἐκ τοῦ πρωθυπουργοῦ Σαλισβούρυ καὶ τοῦ ἀρχηγοῦ τῆς Ἀγγλικῆς Κυβερνήσεως, θὰ ἀποφασίσῃ τὸ ἀποτέλεσμα τοῦ σχεδίου τοῦ μνημείου.

Η ΕΠΙΘΕΩΡΗΣΙΣ ΤΩΝ ΜΕΤΑΛΛΕΙΩΝ

Συνέστη πρὸ τινος ὑπὸ τοῦ Ὑπουργείου τῶν Ἐσωτερικῶν ἐπιτροπὴ, ὅπως ἐπιθεωρήσῃ τὰ μεταλλεῖα Λαυρίου. Τὴν ἐπιτροπὴν ταύτην ἐπρόκειτο νὰ μετέχῃ καὶ ὁ μηχανικὸς τοῦ Ὑπουργείου κ. Γεωργιάδης, ὅστις ἀπεσυμπέρανε καὶ ὁ Ὑπουργὸς τοῦ Ἐσωτερικῶν, τινὲς καίτοι ἀπαιτεῖ ἀπὸ ἀνταποκριτὴν ἀπὸ ἐργαστηρίου μετὰ καὶ τῶν ἐπιθεωρήσεων. Φαίνεται δὲ ὅτι ἡ ἐπιθεώρησις τῆς ἐπιτροπῆς θὰ εἶνε σοβαρὰ καὶ ἐπιμελὴς.

ΤΑ ΚΙΝΕΖΙΚΑ

ΒΕΡΟΛΙΝΟΝ, 6 Φεβρουαρίου (Ἐθνικὸν Πρακτορεῖον). Ἀγγέλλεται ἐκ Πεκίνου, ὅτι οἱ Κινέζοι ἀντιπρόσωποι ἐδήλωσαν ὅτι ἀναμένουν πλέον μόνον τὴν διαταγὴν τοῦ Αὐτοκράτορος ὅπως ὑπογράψουν τὴν εἰρήνην.

ΧΙΩΝ ΕΙΣ ΤΗΝ ΤΟΥΡΚΙΑΝ

ΚΩΝΣΤΑΝΤΙΝΟΥΠΟΛΙΣ, 6 Φεβρουαρίου (Ἐθνικὸν Πρακτορεῖον). Μεγάλη χιονοθύελλα ἐνσκήψασα ἀπὸ τῆς χθὲς διέκοψεν ὅλας τὰς συγκοινωνίας μεταξὺ Κωνσταντινουπόλεως καὶ Σοφίας.

ΤΟ ΖΗΤΗΜΑ ΤΟΥ ΣΜΟΛΕΝΣΚΗ

ΔΕΝ ΘΑ ΤΙΜΩΡΗΘΗ

Κατ' αὐθεντικὰς ἀνακοινώσεις, τὸ ἀναφὲν πρὸ τινος ζήτημα ἐκ τοῦ γνωστοῦ τηλεγραφήματος τοῦ ἀντιστρατήγου κ. Σμολένσκη θεωρεῖται ὁριστικῶς λῆξαν.

Ἡ Α. Υ. ὁ Διάδοχος δὲν σκέπτεται καὶ περὶ τιμωρίας τοῦ κ. Σμολένσκη, διότι τὸ τηλεγράφημα ἐκεῖνο ἐχαρακτήρισε ὡς ἐντελῶς τυπικὸν καὶ οὐχὶ ἀντιπειθαρχικόν.

ΠΑΝΕΠΙΣΤΗΜΙΑΚΑ

Πρὸ πολλοῦ ἡ Σύγκλητος τοῦ Πανεπιστημίου ὑπέβαλεν εἰς τὸ Ὑπουργεῖον τῆς Παιδείας, ὅτι τὰ οἰκονομικὰ τοῦ Πανεπιστημίου δὲν εὑρίσκονται εἰς εὐχάριστον σημεῖον καὶ συνεπῶς καθίσταται ἀδύνατος ἡ περαιτέρω ὕπαρξις τῶν ἐργαστηρίων διαφόρων Σχολῶν.

Ὁ κ. Στάης, ὅπως προλάβῃ τὸν κίνδυνον τῆς καταργήσεως τῶν ἐργαστηρίων, ἀνεκοίνωσεν εἰς τὸν κ. Πρύτανιν τοῦ Πανεπιστημίου, ὅτι ἡ Κυβέρνησις ἐκ τοῦ Προϋπολογισμοῦ τοῦ Κράτους θὰ διαθέσῃ 60 χιλιάδας δραχμῶν ὑπὲρ ἐνισχύσεως τῶν οἰκονομικῶν τοῦ Πανεπιστημίου.

Η ΥΓΕΙΑ ΤΗΣ ΑΥΤΟΚΡΑΤΕΙΡΑΣ

Τὰ τελευταῖα ἐκ Βερολίνου τηλεγραφήματα, τὰ ἀναφέροντα περὶ τῆς ὑγείας τῆς χήρας αὐτοκρατείρας Φρειδερίκου, καὶ μητρὸς τοῦ Βασιλέως Ἐδουάρδου, παριστῶσιν αὐτὴν ὡς διατρέχουσαν τὸ τελευταῖον στάδιον τῆς ζωῆς της χωρὶς ἀγωνίαν.

Τὰ τελευταῖα νέα τὰ ὁποῖα ἐλήφθησαν εἰς Ὀσβόρνην, ὑποπτοὶ καὶ διαδιδόμενοι ἐπίσης, ὅπως ὑποκινηθῇσιν τὴν ἐπίσκεψιν τοῦ Βασιλέως Ἐδουάρδου πρὸς τὴν Κρόνβεργ, ἐπὶ τὴν ἀναχώρησιν εἰς τὸ Παρίσι, τοῦ ὁποίου ἐπόμενη ἡ Γερμανικὴ Αὐτοκρατορία. Ἡ παρ' αὐτῆς τοῦ Βασιλέως ἐνὸς καιροῦ ἦδη τὴν στιγμὴν αὐτὴν, ἐὰν δὲν προσκαλέσῃ ἐκ τοῦ βαρέους τῆς ἀσθενείας.

ΑΙ ΙΣΠΑΝΙΚΑΙ ΤΑΡΑΧΑΙ

Ἡ Ἰσπανικὴ λογοκρισία ἀποκρύπτει μεγάλα συμβάντα, προκληθέντα, ὡς γνωστὸν, ἐκ τοῦ τελευταίου γάμου τῆς Ἰσπανίδος Βασιλίσσης. Μετὰ τὴν ἄφιξιν τοῦ στρατιωτικοῦ νόμου, τοῦ κηρυχθέντος μετὰ τὴν ἡμέραν τῶν γάμων, αἱ στατιστικαὶ καὶ ἀντιδυναστικαὶ ταραχαὶ ἐξηκολούθησαν εἰς τὴν Μαδρίτην καὶ εἰς τὰς ἐπαρχίας.

Εἰς τὴν πρωτεύουσαν δὲν ἐπήλθεν ἐπίθεσις, κατὰ τὰς διαταγὰς τοῦ ἀστυνομικοῦ ἀκατανοήτων. Ἀπὸ τῶν ἐπαρχιῶν παρῆλθον ὀλίγοι κατὰ τὰς ἡμέρας τῆς ἐκθέσεως κατὰ τῶν ἀποστόλων τῆς ἐξουσίας.

Ὁ στρατιωτικὸς διοικητὴς τῆς Μαδρίτης Βεϋλέρ, προκηρύξας τὸν στρατιωτικὸν νόμον, ἐπέβαλεν εἰς αὐτὴν τὰς διαταγὰς, ἣν μίλωσεν νὰ τηρηθῶσι.

Εἰς Βαρκελώνην, Γρενάδην καὶ λοιπὰς ἐπαρχιακὰς πόλεις ἁμάξια ταραχαὶ συνεβαίνουν καθ' ἑκάστην.

ΣΥΜΠΛΟΚΗ ΡΩΣΣΩΝ ΚΑΙ ΓΕΡΜΑΝΩΝ

Ἀγρία συμπλοκὴ ἐγένετο πρὸ τινων ἡμερῶν εἰς Κιέλον, μεταξὺ Γερμανῶν ναυτῶν καὶ Ῥώσσων, ἀνηκόντων εἰς τὸ πλήρωμα Ῥωσσικοῦ πολεμικοῦ ἐλλιμενισμένου εἰς τὸν λιμένα τοῦ Κιέλου. Κατόπιν λογομαχίας προκληθείσης ἐκ λόγων πατριωτικῆς φιλοτιμίας οἱ ναῦται ἐνεπλέχθησαν εἰς χεῖρας. Οἱ Ῥῶσσοι ἐν τῇ ἀκμῇ τῆς διενέξεως ἐχρησιμοποίησαν καὶ μαχαίρια καὶ ἐπλήγωσαν τρεῖς τῶν Γερμανῶν.

Τὸ σκάνδαλον αὐτὸ ἐξέτεινε τὴν κοινὴν γνώμην ἐν Κιέλῳ. Τὴν ὑπόθεσιν τοῦ Ῥωσσικοῦ πολεμικοῦ ἐξετάζουν ἀμφότεραι αἱ κυβερνήσεις, ἀλλ' ἐκεῖνο τὸ ὁποῖον διὰ νὰ μένῃ εἰς τὴν ὑπόθεσιν ταύτην εἶνε ἡ στάσις τῆς Ῥωσσικῆς κυβερνήσεως ὅτι αἱ ἀστυνομίαι ἀρχαὶ κρίσεις.
